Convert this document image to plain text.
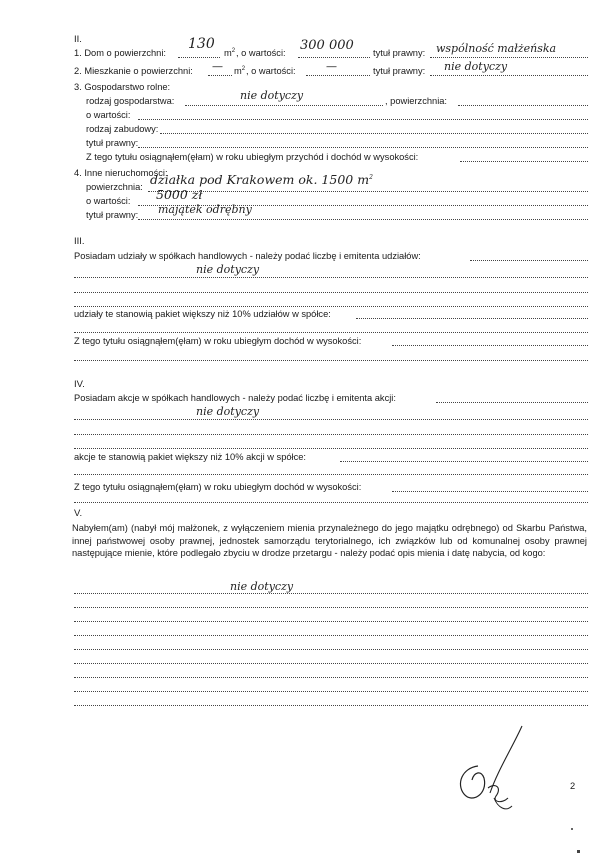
II.
1. Dom o powierzchni:
130
$m^2$ , o wartości: 300 000 tytuł prawny: wspólność małżeńska
2. Mieszkanie o powierzchni: — $m^2$ , o wartości:	—	tytuł prawny: nie dotyczy
3. Gospodarstwo rolne:
rodzaj gospodarstwa:	nie dotyczy	, powierzchnia:
o wartości:
rodzaj zabudowy:
tytuł prawny:
Z tego tytułu osiągnąłem(ęłam) w roku ubiegłym przychód i dochód w wysokości:
4. Inne nieruchomości:
powierzchnia: działka pod Krakowem ok. 1500 $m^2$
o wartości: 5000 zł
tytuł prawny: majątek odrębny
III.
Posiadam udziały w spółkach handlowych - należy podać liczbę i emitenta udziałów:
nie dotyczy
udziały te stanowią pakiet większy niż 10% udziałów w spółce:
Z tego tytułu osiągnąłem(ęłam) w roku ubiegłym dochód w wysokości:
IV.
Posiadam akcje w spółkach handlowych - należy podać liczbę i emitenta akcji:
nie dotyczy
akcje te stanowią pakiet większy niż 10% akcji w spółce:
Z tego tytułu osiągnąłem(ęłam) w roku ubiegłym dochód w wysokości:
V.
Nabyłem(am) (nabył mój małżonek, z wyłączeniem mienia przynależnego do jego majątku odrębnego) od Skarbu Państwa, innej państwowej osoby prawnej, jednostek samorządu terytorialnego, ich związków lub od komunalnej osoby prawnej następujące mienie, które podlegało zbyciu w drodze przetargu - należy podać opis mienia i datę nabycia, od kogo:
nie dotyczy
2
